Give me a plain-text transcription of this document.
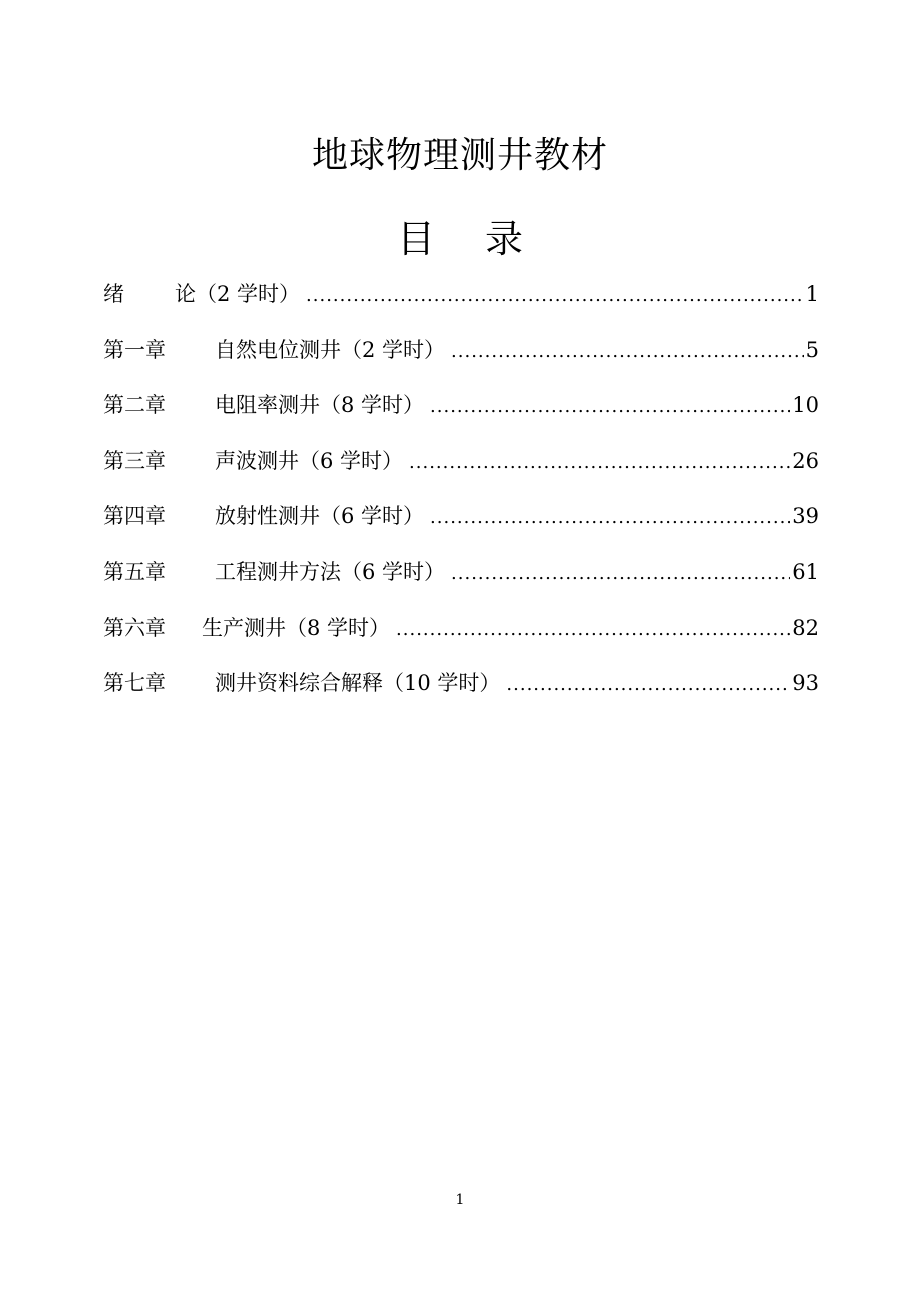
地球物理测井教材
目 录
绪	论（2 学时） .....	1
第一章	自然电位测井（2 学时） .....	5
第二章	电阻率测井（8 学时） .....	10
第三章	声波测井（6 学时） .....	26
第四章	放射性测井（6 学时） .....	39
第五章	工程测井方法（6 学时） .....	61
第六章	生产测井（8 学时） .....	82
第七章	测井资料综合解释（10 学时） .....	93
1
